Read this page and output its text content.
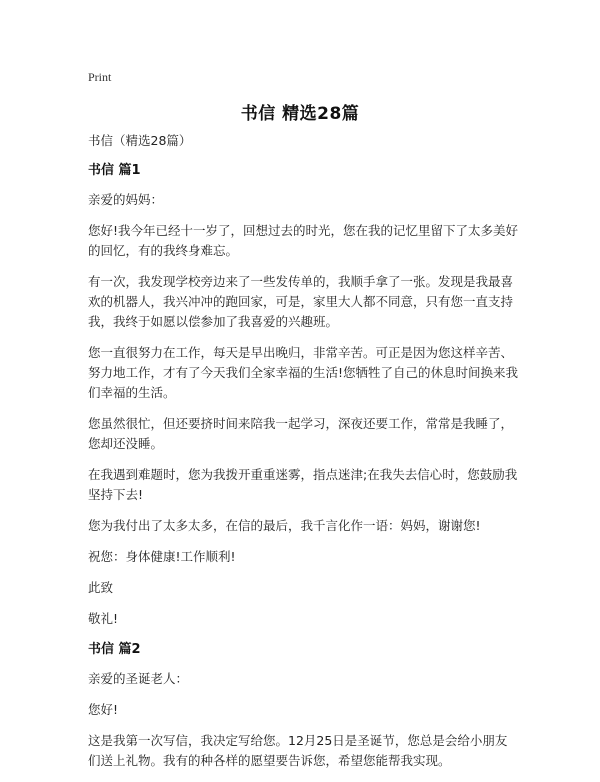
Print
书信 精选28篇
书信（精选28篇）
书信 篇1

亲爱的妈妈：

您好!我今年已经十一岁了，回想过去的时光，您在我的记忆里留下了太多美好的回忆，有的我终身难忘。

有一次，我发现学校旁边来了一些发传单的，我顺手拿了一张。发现是我最喜欢的机器人，我兴冲冲的跑回家，可是，家里大人都不同意，只有您一直支持我，我终于如愿以偿参加了我喜爱的兴趣班。

您一直很努力在工作，每天是早出晚归，非常辛苦。可正是因为您这样辛苦、努力地工作，才有了今天我们全家幸福的生活!您牺牲了自己的休息时间换来我们幸福的生活。

您虽然很忙，但还要挤时间来陪我一起学习，深夜还要工作，常常是我睡了，您却还没睡。

在我遇到难题时，您为我拨开重重迷雾，指点迷津;在我失去信心时，您鼓励我坚持下去!

您为我付出了太多太多，在信的最后，我千言化作一语：妈妈，谢谢您!

祝您：身体健康!工作顺利!

此致

敬礼!

书信 篇2

亲爱的圣诞老人：

您好!

这是我第一次写信，我决定写给您。12月25日是圣诞节，您总是会给小朋友们送上礼物。我有的种各样的愿望要告诉您，希望您能帮我实现。
